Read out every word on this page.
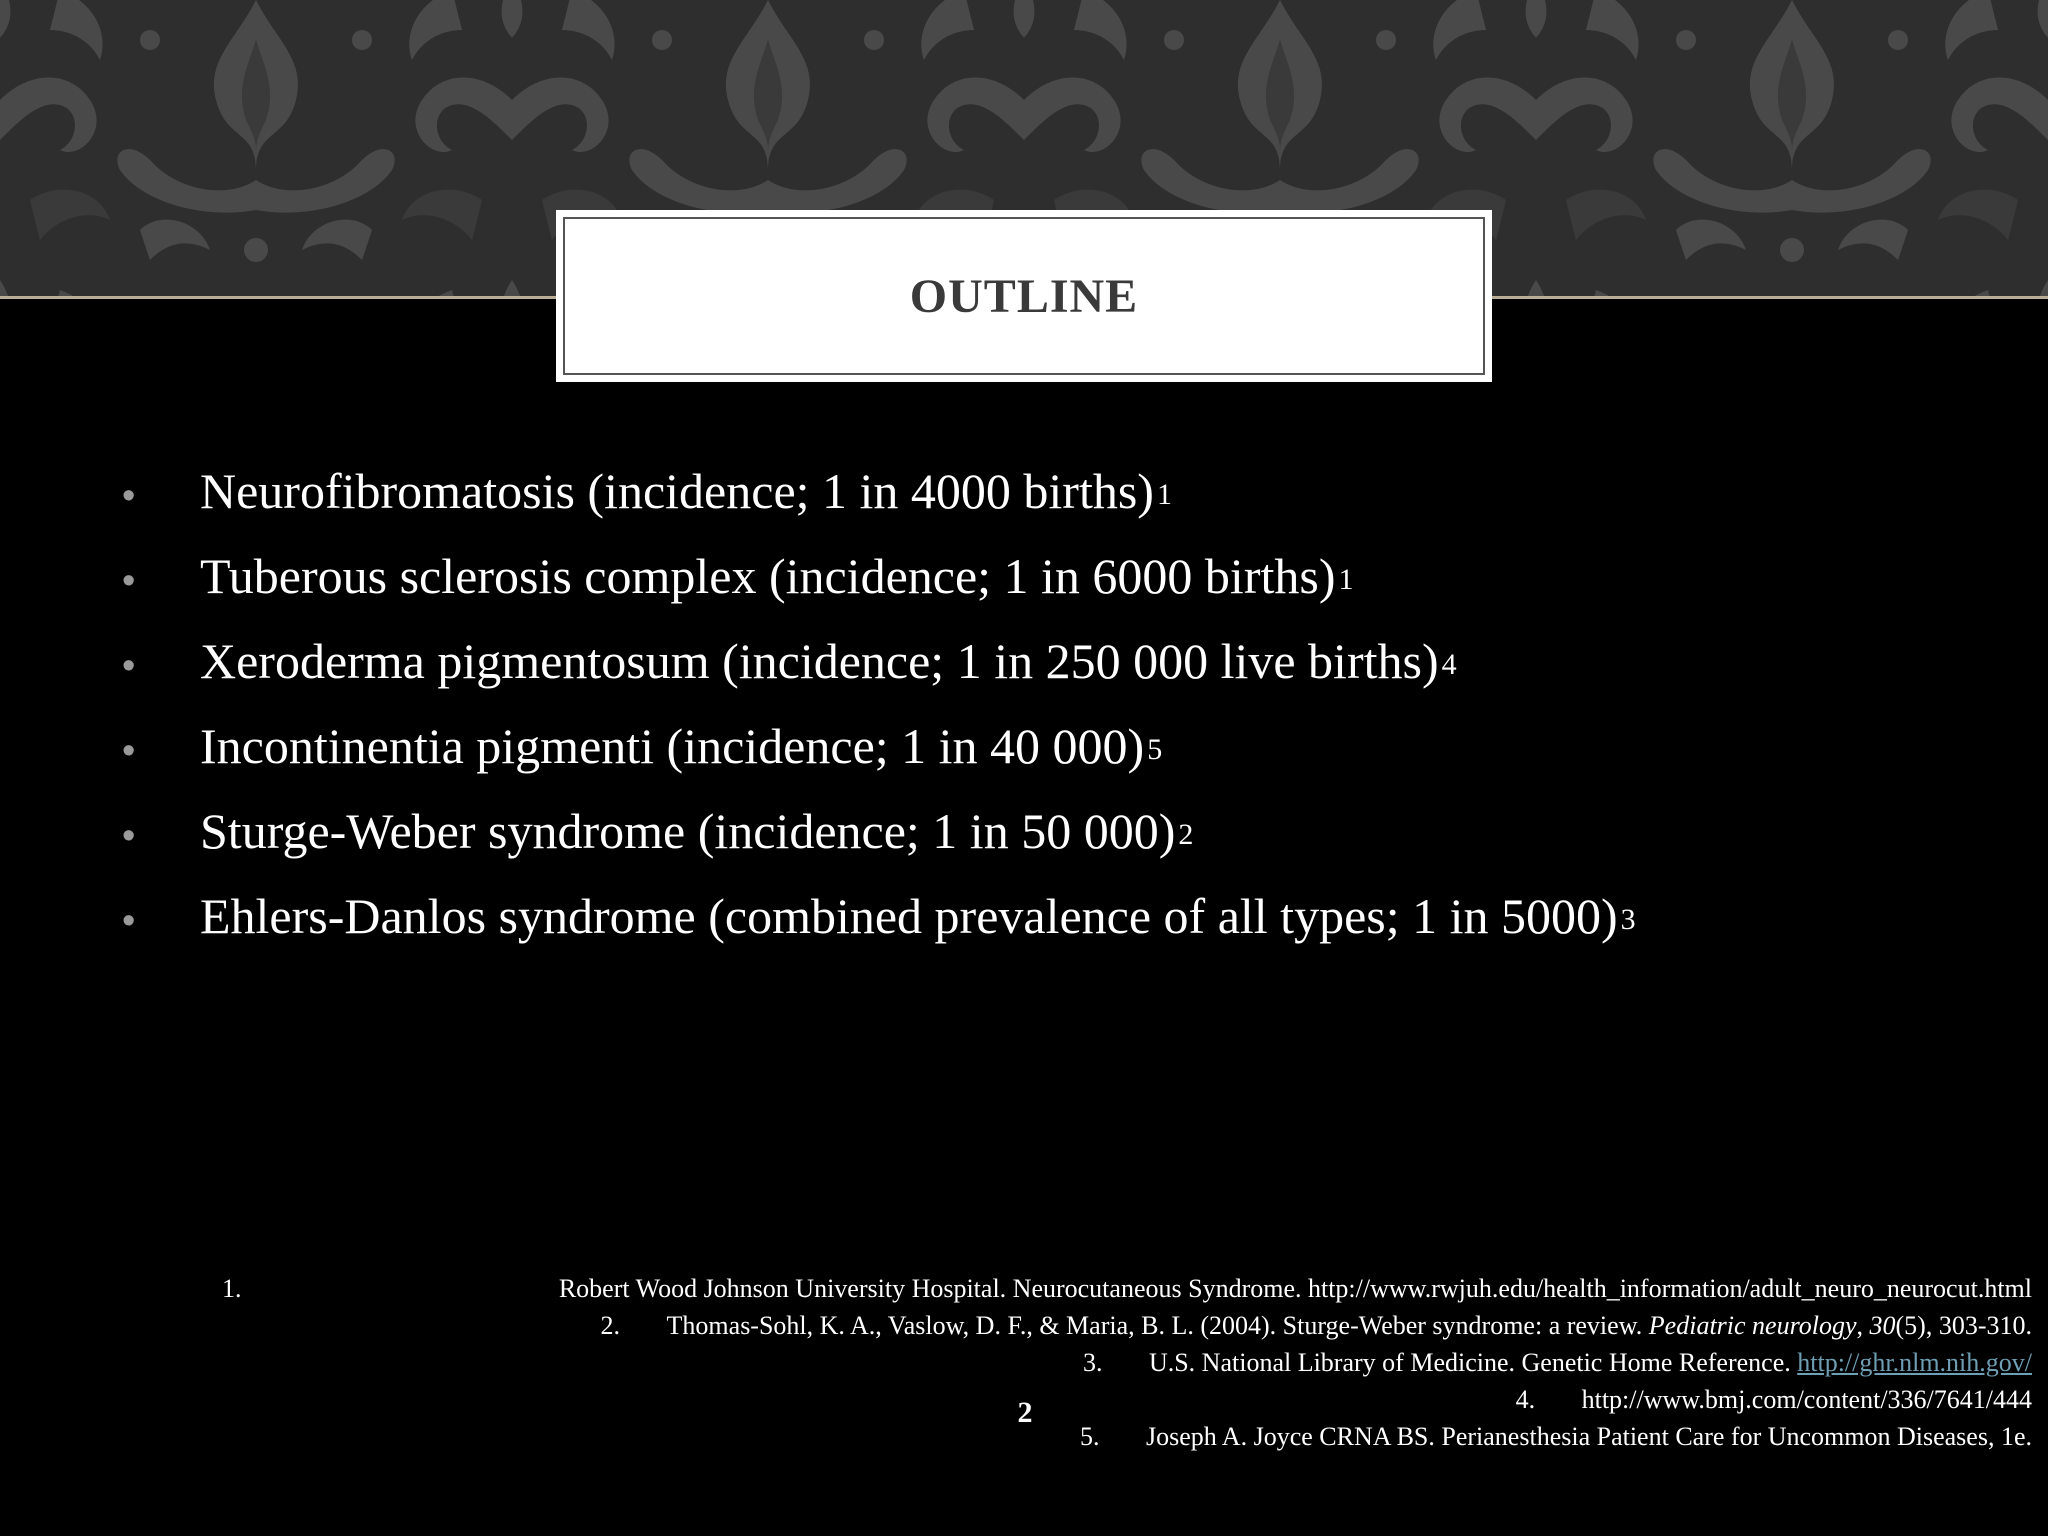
OUTLINE
•	Neurofibromatosis (incidence; 1 in 4000 births)$^1$
•	Tuberous sclerosis complex (incidence; 1 in 6000 births)$^1$
•	Xeroderma pigmentosum (incidence; 1 in 250 000 live births)$^4$
•	Incontinentia pigmenti (incidence; 1 in 40 000)$^5$
•	Sturge-Weber syndrome (incidence; 1 in 50 000)$^2$
•	Ehlers-Danlos syndrome (combined prevalence of all types; 1 in 5000)$^3$
1.	Robert Wood Johnson University Hospital. Neurocutaneous Syndrome. http://www.rwjuh.edu/health_information/adult_neuro_neurocut.html
2. Thomas-Sohl, K. A., Vaslow, D. F., & Maria, B. L. (2004). Sturge-Weber syndrome: a review. Pediatric neurology, 30(5), 303-310.
3. U.S. National Library of Medicine. Genetic Home Reference. http://ghr.nlm.nih.gov/
4. http://www.bmj.com/content/336/7641/444
5. Joseph A. Joyce CRNA BS. Perianesthesia Patient Care for Uncommon Diseases, 1e.
2
